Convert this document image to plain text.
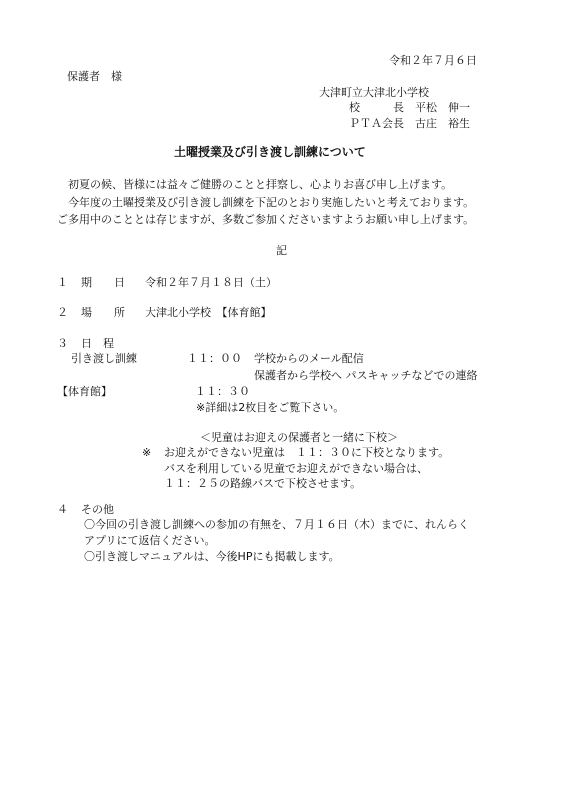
令和２年７月６日
保護者　様
大津町立大津北小学校
校　　　長　平松　伸一
ＰＴＡ会長　古庄　裕生
土曜授業及び引き渡し訓練について
初夏の候、皆様には益々ご健勝のことと拝察し、心よりお喜び申し上げます。
今年度の土曜授業及び引き渡し訓練を下記のとおり実施したいと考えております。
ご多用中のこととは存じますが、多数ご参加くださいますようお願い申し上げます。
記
１ 期　　日 令和２年７月１８日（土）
２ 場　　所 大津北小学校　【体育館】
３ 日　程
引き渡し訓練	１１：００ 学校からのメール配信
保護者から学校へ パスキャッチなどでの連絡
【体育館】	１１：３０
※詳細は2枚目をご覧下さい。
＜児童はお迎えの保護者と一緒に下校＞
※ お迎えができない児童は　１１：３０に下校となります。
バスを利用している児童でお迎えができない場合は、
１１：２５の路線バスで下校させます。
４ その他
〇今回の引き渡し訓練への参加の有無を、７月１６日（木）までに、れんらく
アプリにて返信ください。
〇引き渡しマニュアルは、今後HPにも掲載します。
